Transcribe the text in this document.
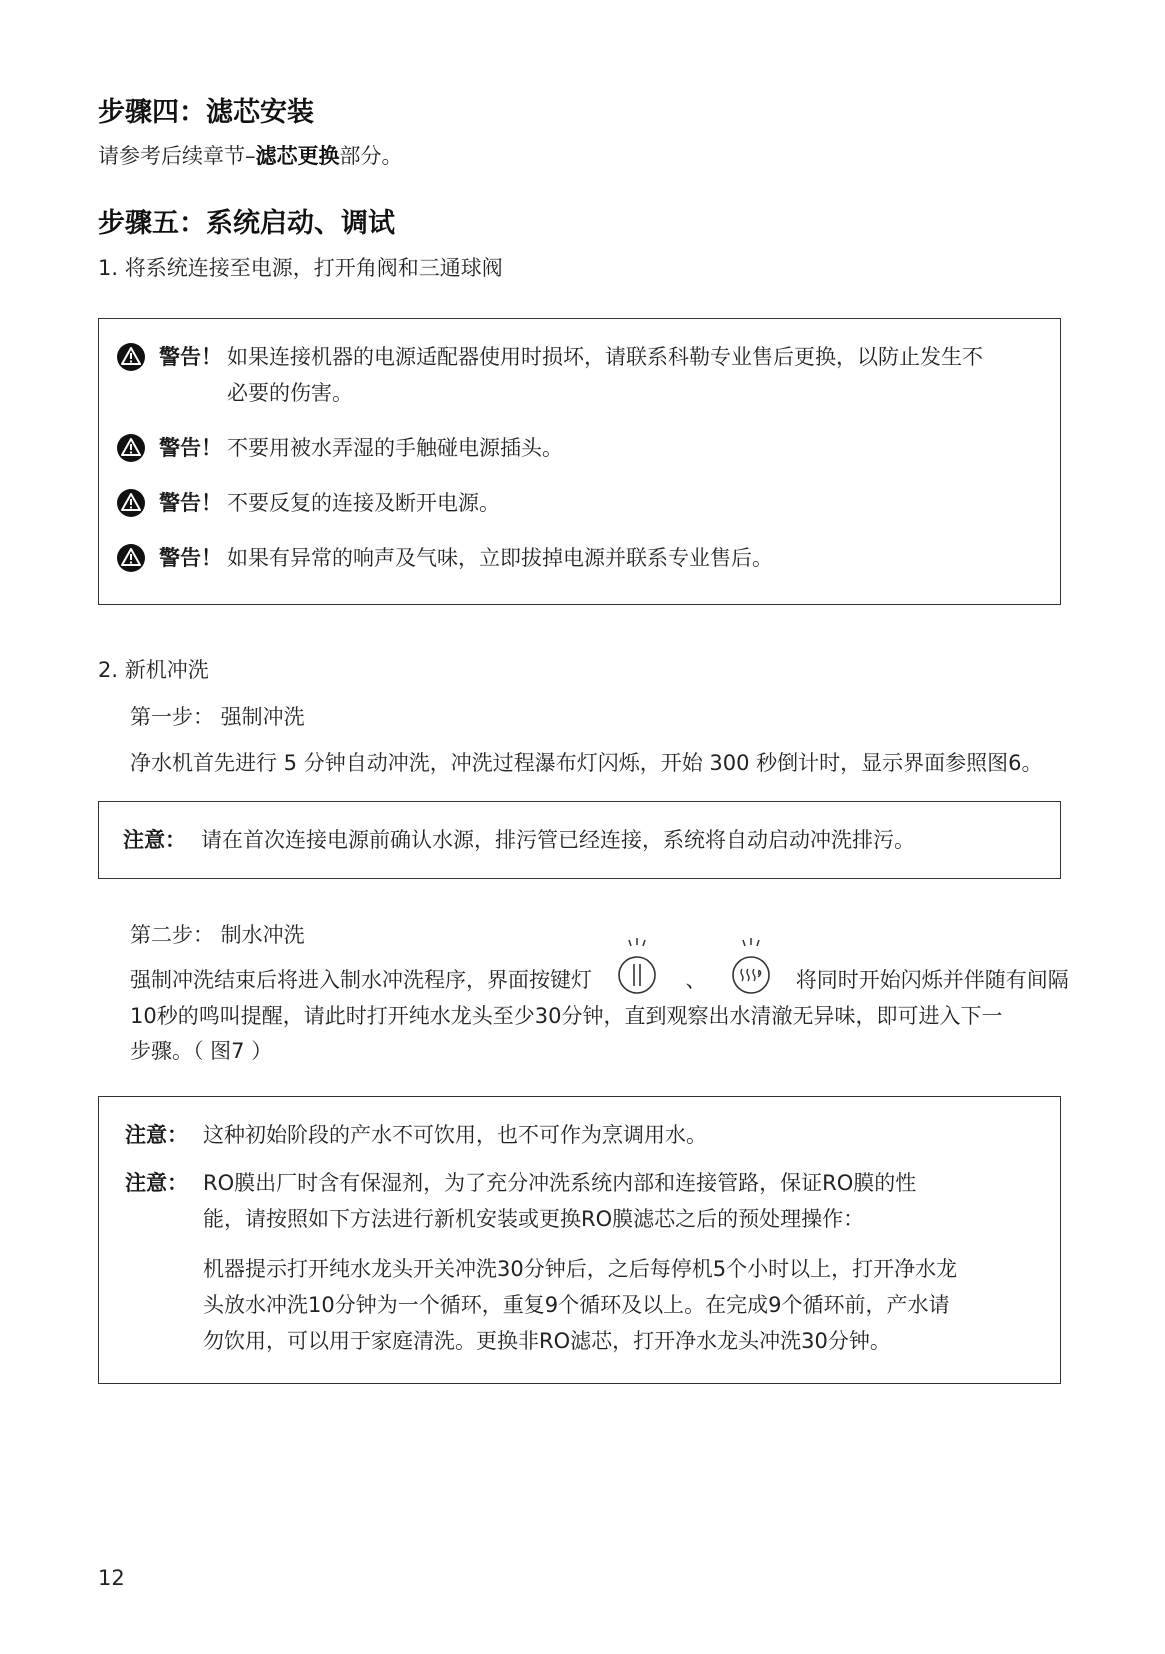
步骤四：滤芯安装
请参考后续章节–滤芯更换部分。
步骤五：系统启动、调试
1. 将系统连接至电源，打开角阀和三通球阀
警告！ 如果连接机器的电源适配器使用时损坏，请联系科勒专业售后更换，以防止发生不
必要的伤害。
警告！ 不要用被水弄湿的手触碰电源插头。
警告！ 不要反复的连接及断开电源。
警告！ 如果有异常的响声及气味，立即拔掉电源并联系专业售后。
2. 新机冲洗
第一步： 强制冲洗
净水机首先进行 5 分钟自动冲洗，冲洗过程瀑布灯闪烁，开始 300 秒倒计时，显示界面参照图6。
注意： 请在首次连接电源前确认水源，排污管已经连接，系统将自动启动冲洗排污。
第二步： 制水冲洗
强制冲洗结束后将进入制水冲洗程序，界面按键灯	、	将同时开始闪烁并伴随有间隔
10秒的鸣叫提醒，请此时打开纯水龙头至少30分钟，直到观察出水清澈无异味，即可进入下一
步骤。（ 图7 ）
注意： 这种初始阶段的产水不可饮用，也不可作为烹调用水。
注意： RO膜出厂时含有保湿剂，为了充分冲洗系统内部和连接管路，保证RO膜的性
能，请按照如下方法进行新机安装或更换RO膜滤芯之后的预处理操作：
机器提示打开纯水龙头开关冲洗30分钟后，之后每停机5个小时以上，打开净水龙
头放水冲洗10分钟为一个循环，重复9个循环及以上。在完成9个循环前，产水请
勿饮用，可以用于家庭清洗。更换非RO滤芯，打开净水龙头冲洗30分钟。
12
